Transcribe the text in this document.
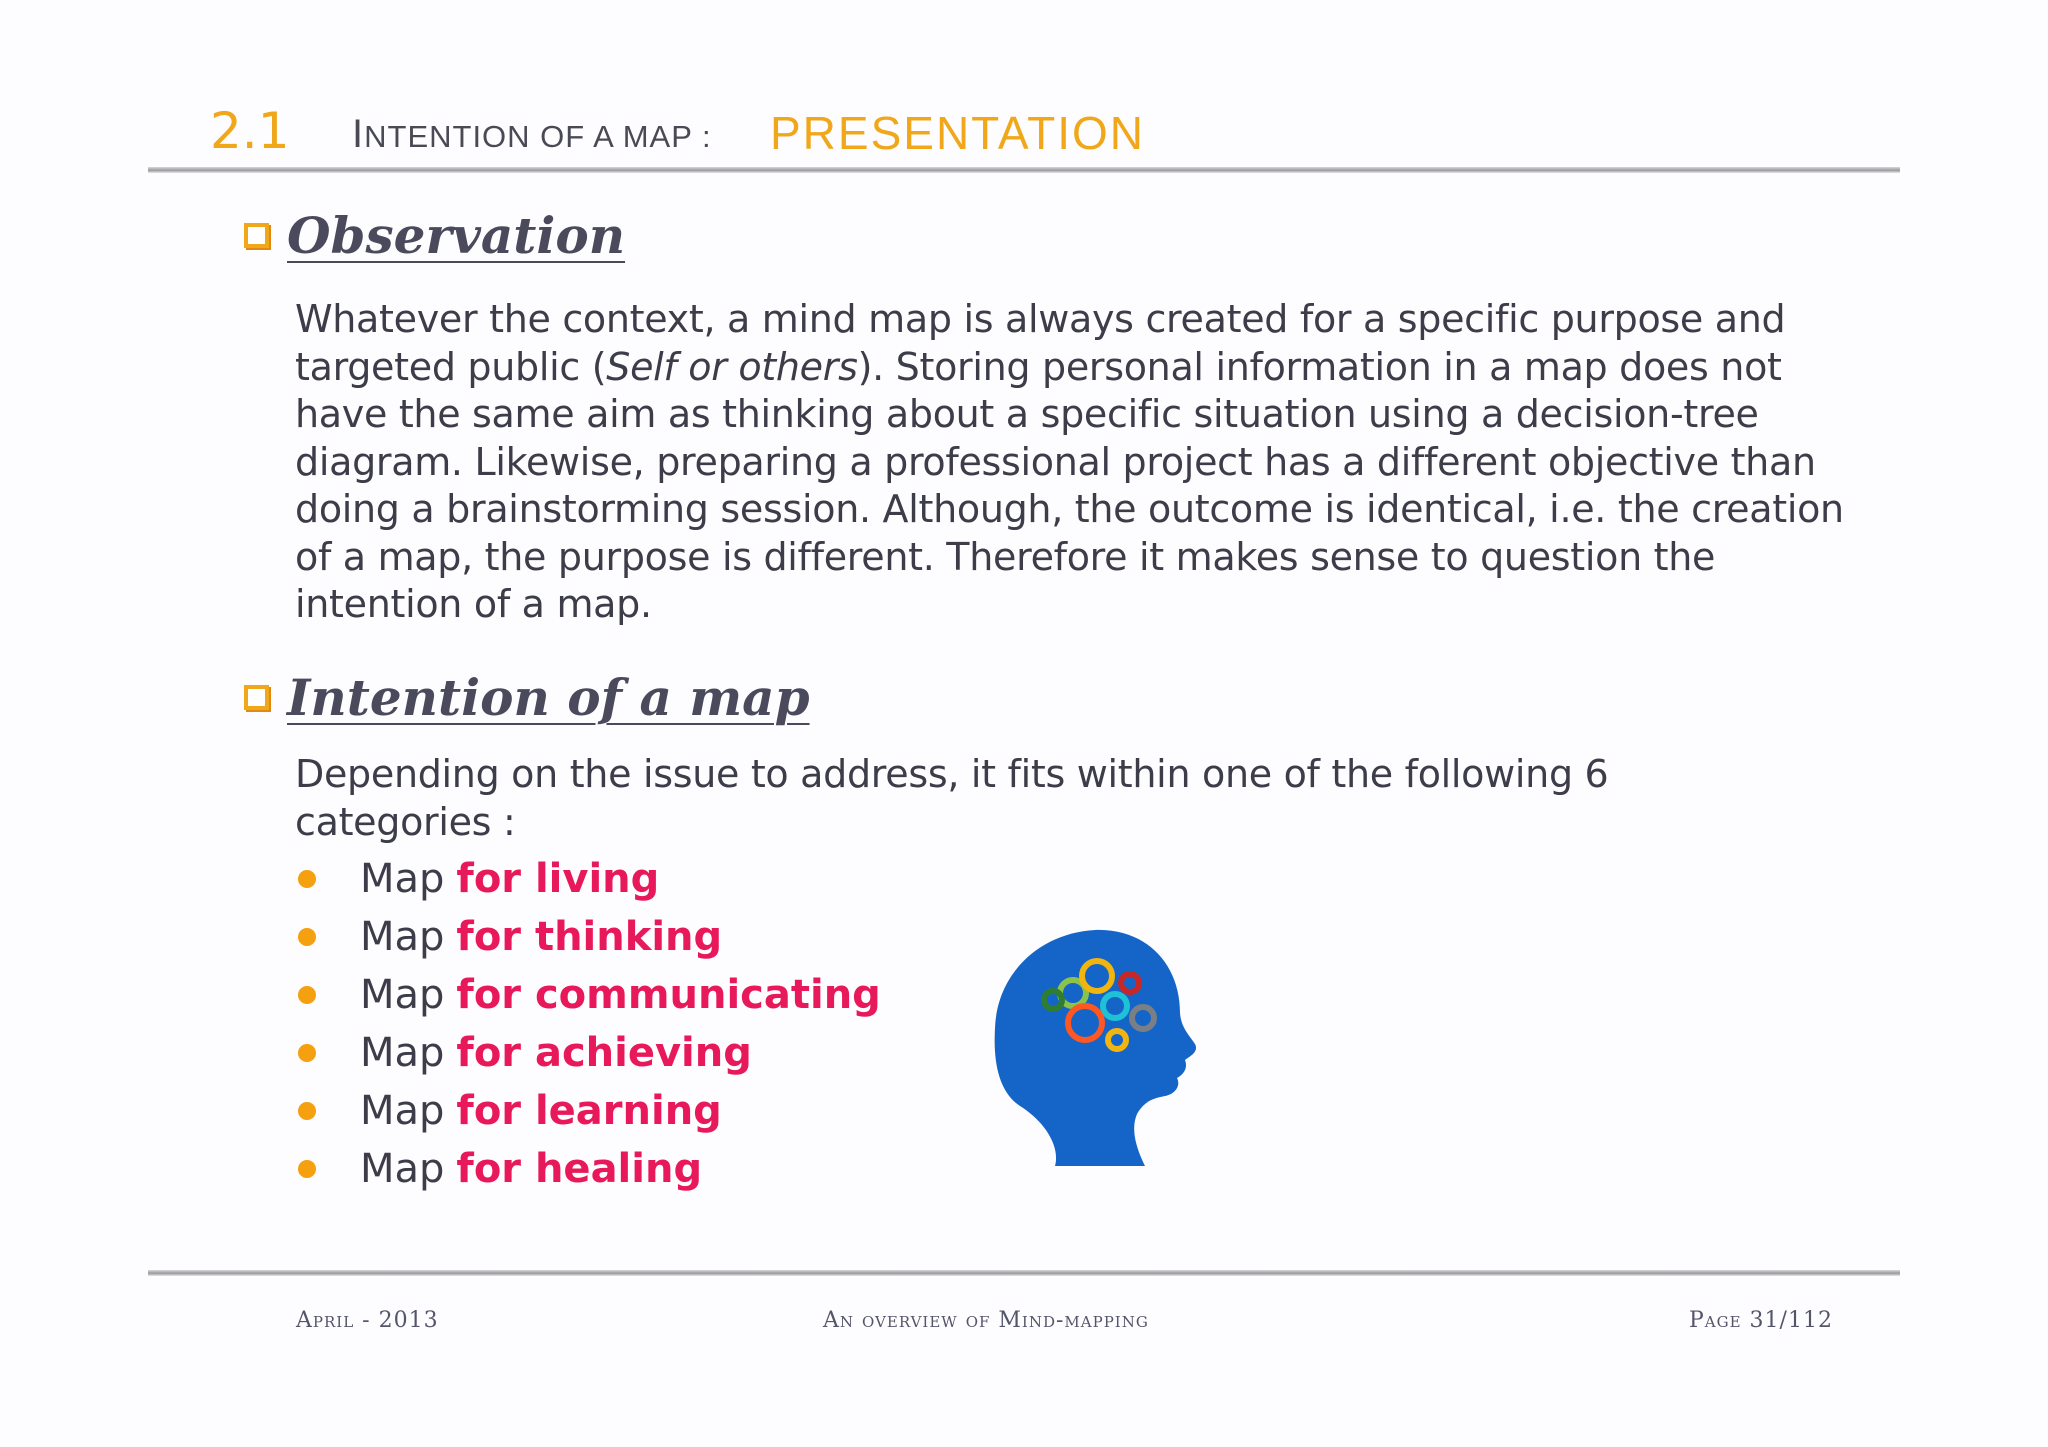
2.1 INTENTION OF A MAP : PRESENTATION
Observation
Whatever the context, a mind map is always created for a specific purpose and targeted public (Self or others). Storing personal information in a map does not have the same aim as thinking about a specific situation using a decision-tree diagram. Likewise, preparing a professional project has a different objective than doing a brainstorming session. Although, the outcome is identical, i.e. the creation of a map, the purpose is different. Therefore it makes sense to question the intention of a map.
Intention of a map
Depending on the issue to address, it fits within one of the following 6 categories :
Map for living
Map for thinking
Map for communicating
Map for achieving
Map for learning
Map for healing
April - 2013	An overview of Mind-mapping	Page 31/112
